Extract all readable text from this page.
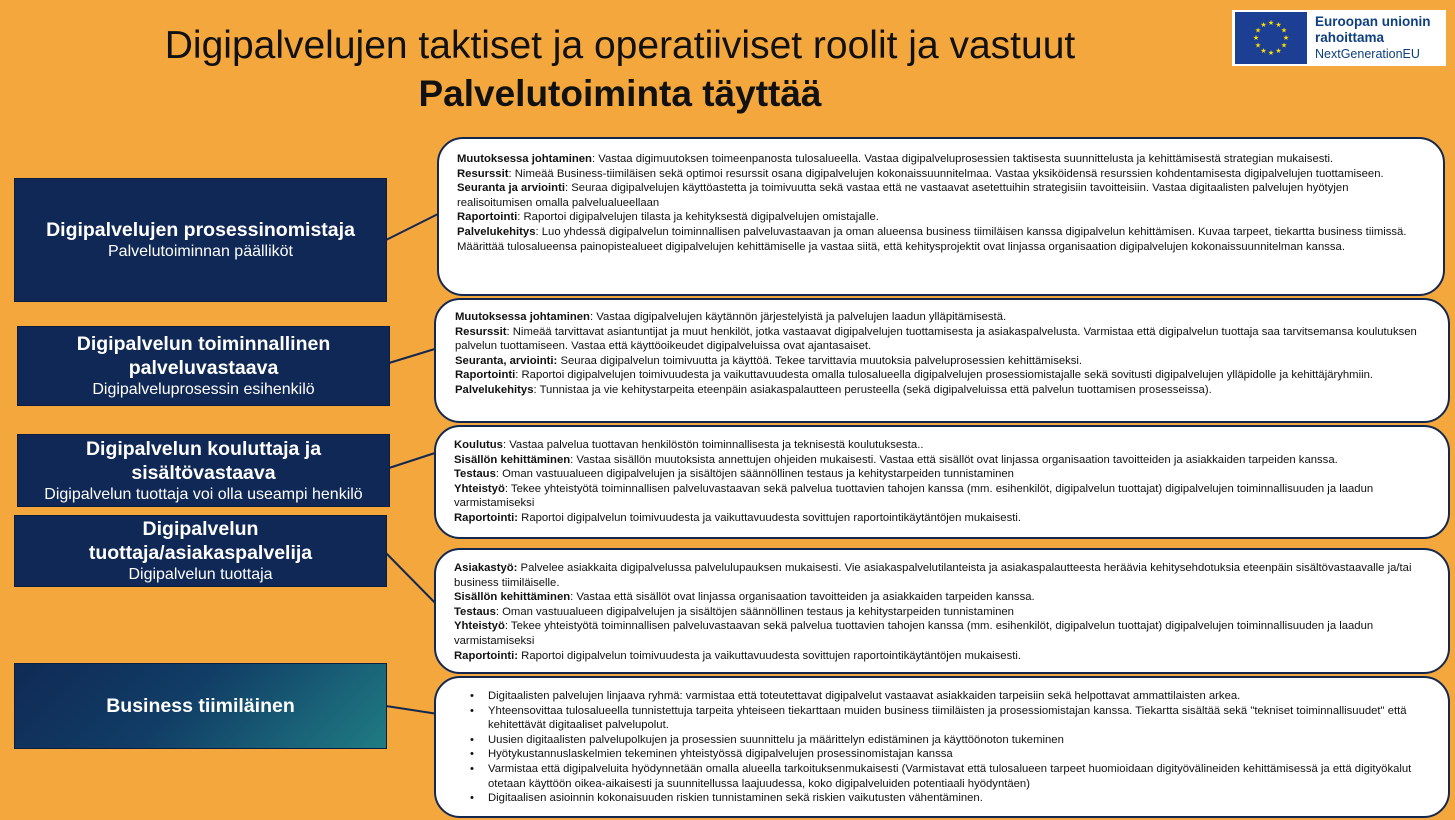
Digipalvelujen taktiset ja operatiiviset roolit ja vastuut
Palvelutoiminta täyttää
★ ★
★
★
★
★
★
★
★
★
★
★	Euroopan unionin
rahoittama
NextGenerationEU
Digipalvelujen prosessinomistaja
Palvelutoiminnan päälliköt
Digipalvelun toiminnallinen palveluvastaava
Digipalveluprosessin esihenkilö
Digipalvelun kouluttaja ja sisältövastaava
Digipalvelun tuottaja voi olla useampi henkilö
Digipalvelun tuottaja/asiakaspalvelija
Digipalvelun tuottaja
Business tiimiläinen

Muutoksessa johtaminen: Vastaa digimuutoksen toimeenpanosta tulosalueella. Vastaa digipalveluprosessien taktisesta suunnittelusta ja kehittämisestä strategian mukaisesti.

Resurssit: Nimeää Business-tiimiläisen sekä optimoi resurssit osana digipalvelujen kokonaissuunnitelmaa. Vastaa yksiköidensä resurssien kohdentamisesta digipalvelujen tuottamiseen.

Seuranta ja arviointi: Seuraa digipalvelujen käyttöastetta ja toimivuutta sekä vastaa että ne vastaavat asetettuihin strategisiin tavoitteisiin. Vastaa digitaalisten palvelujen hyötyjen realisoitumisen omalla palvelualueellaan

Raportointi: Raportoi digipalvelujen tilasta ja kehityksestä digipalvelujen omistajalle.

Palvelukehitys: Luo yhdessä digipalvelun toiminnallisen palveluvastaavan ja oman alueensa business tiimiläisen kanssa digipalvelun kehittämisen. Kuvaa tarpeet, tiekartta business tiimissä. Määrittää tulosalueensa painopistealueet digipalvelujen kehittämiselle ja vastaa siitä, että kehitysprojektit ovat linjassa organisaation digipalvelujen kokonaissuunnitelman kanssa.

Muutoksessa johtaminen: Vastaa digipalvelujen käytännön järjestelyistä ja palvelujen laadun ylläpitämisestä.

Resurssit: Nimeää tarvittavat asiantuntijat ja muut henkilöt, jotka vastaavat digipalvelujen tuottamisesta ja asiakaspalvelusta. Varmistaa että digipalvelun tuottaja saa tarvitsemansa koulutuksen palvelun tuottamiseen. Vastaa että käyttöoikeudet digipalveluissa ovat ajantasaiset.

Seuranta, arviointi: Seuraa digipalvelun toimivuutta ja käyttöä. Tekee tarvittavia muutoksia palveluprosessien kehittämiseksi.

Raportointi: Raportoi digipalvelujen toimivuudesta ja vaikuttavuudesta omalla tulosalueella digipalvelujen prosessiomistajalle sekä sovitusti digipalvelujen ylläpidolle ja kehittäjäryhmiin.

Palvelukehitys: Tunnistaa ja vie kehitystarpeita eteenpäin asiakaspalautteen perusteella (sekä digipalveluissa että palvelun tuottamisen prosesseissa).

Koulutus: Vastaa palvelua tuottavan henkilöstön toiminnallisesta ja teknisestä koulutuksesta..

Sisällön kehittäminen: Vastaa sisällön muutoksista annettujen ohjeiden mukaisesti. Vastaa että sisällöt ovat linjassa organisaation tavoitteiden ja asiakkaiden tarpeiden kanssa.

Testaus: Oman vastuualueen digipalvelujen ja sisältöjen säännöllinen testaus ja kehitystarpeiden tunnistaminen

Yhteistyö: Tekee yhteistyötä toiminnallisen palveluvastaavan sekä palvelua tuottavien tahojen kanssa (mm. esihenkilöt, digipalvelun tuottajat) digipalvelujen toiminnallisuuden ja laadun varmistamiseksi

Raportointi: Raportoi digipalvelun toimivuudesta ja vaikuttavuudesta sovittujen raportointikäytäntöjen mukaisesti.

Asiakastyö: Palvelee asiakkaita digipalvelussa palvelulupauksen mukaisesti. Vie asiakaspalvelutilanteista ja asiakaspalautteesta heräävia kehitysehdotuksia eteenpäin sisältövastaavalle ja/tai business tiimiläiselle.

Sisällön kehittäminen: Vastaa että sisällöt ovat linjassa organisaation tavoitteiden ja asiakkaiden tarpeiden kanssa.

Testaus: Oman vastuualueen digipalvelujen ja sisältöjen säännöllinen testaus ja kehitystarpeiden tunnistaminen

Yhteistyö: Tekee yhteistyötä toiminnallisen palveluvastaavan sekä palvelua tuottavien tahojen kanssa (mm. esihenkilöt, digipalvelun tuottajat) digipalvelujen toiminnallisuuden ja laadun varmistamiseksi

Raportointi: Raportoi digipalvelun toimivuudesta ja vaikuttavuudesta sovittujen raportointikäytäntöjen mukaisesti.

• Digitaalisten palvelujen linjaava ryhmä: varmistaa että toteutettavat digipalvelut vastaavat asiakkaiden tarpeisiin sekä helpottavat ammattilaisten arkea.
• Yhteensovittaa tulosalueella tunnistettuja tarpeita yhteiseen tiekarttaan muiden business tiimiläisten ja prosessiomistajan kanssa. Tiekartta sisältää sekä "tekniset toiminnallisuudet" että kehitettävät digitaaliset palvelupolut.
• Uusien digitaalisten palvelupolkujen ja prosessien suunnittelu ja määrittelyn edistäminen ja käyttöönoton tukeminen
• Hyötykustannuslaskelmien tekeminen yhteistyössä digipalvelujen prosessinomistajan kanssa
• Varmistaa että digipalveluita hyödynnetään omalla alueella tarkoituksenmukaisesti (Varmistavat että tulosalueen tarpeet huomioidaan digityövälineiden kehittämisessä ja että digityökalut otetaan käyttöön oikea-aikaisesti ja suunnitellussa laajuudessa, koko digipalveluiden potentiaali hyödyntäen)
• Digitaalisen asioinnin kokonaisuuden riskien tunnistaminen sekä riskien vaikutusten vähentäminen.
